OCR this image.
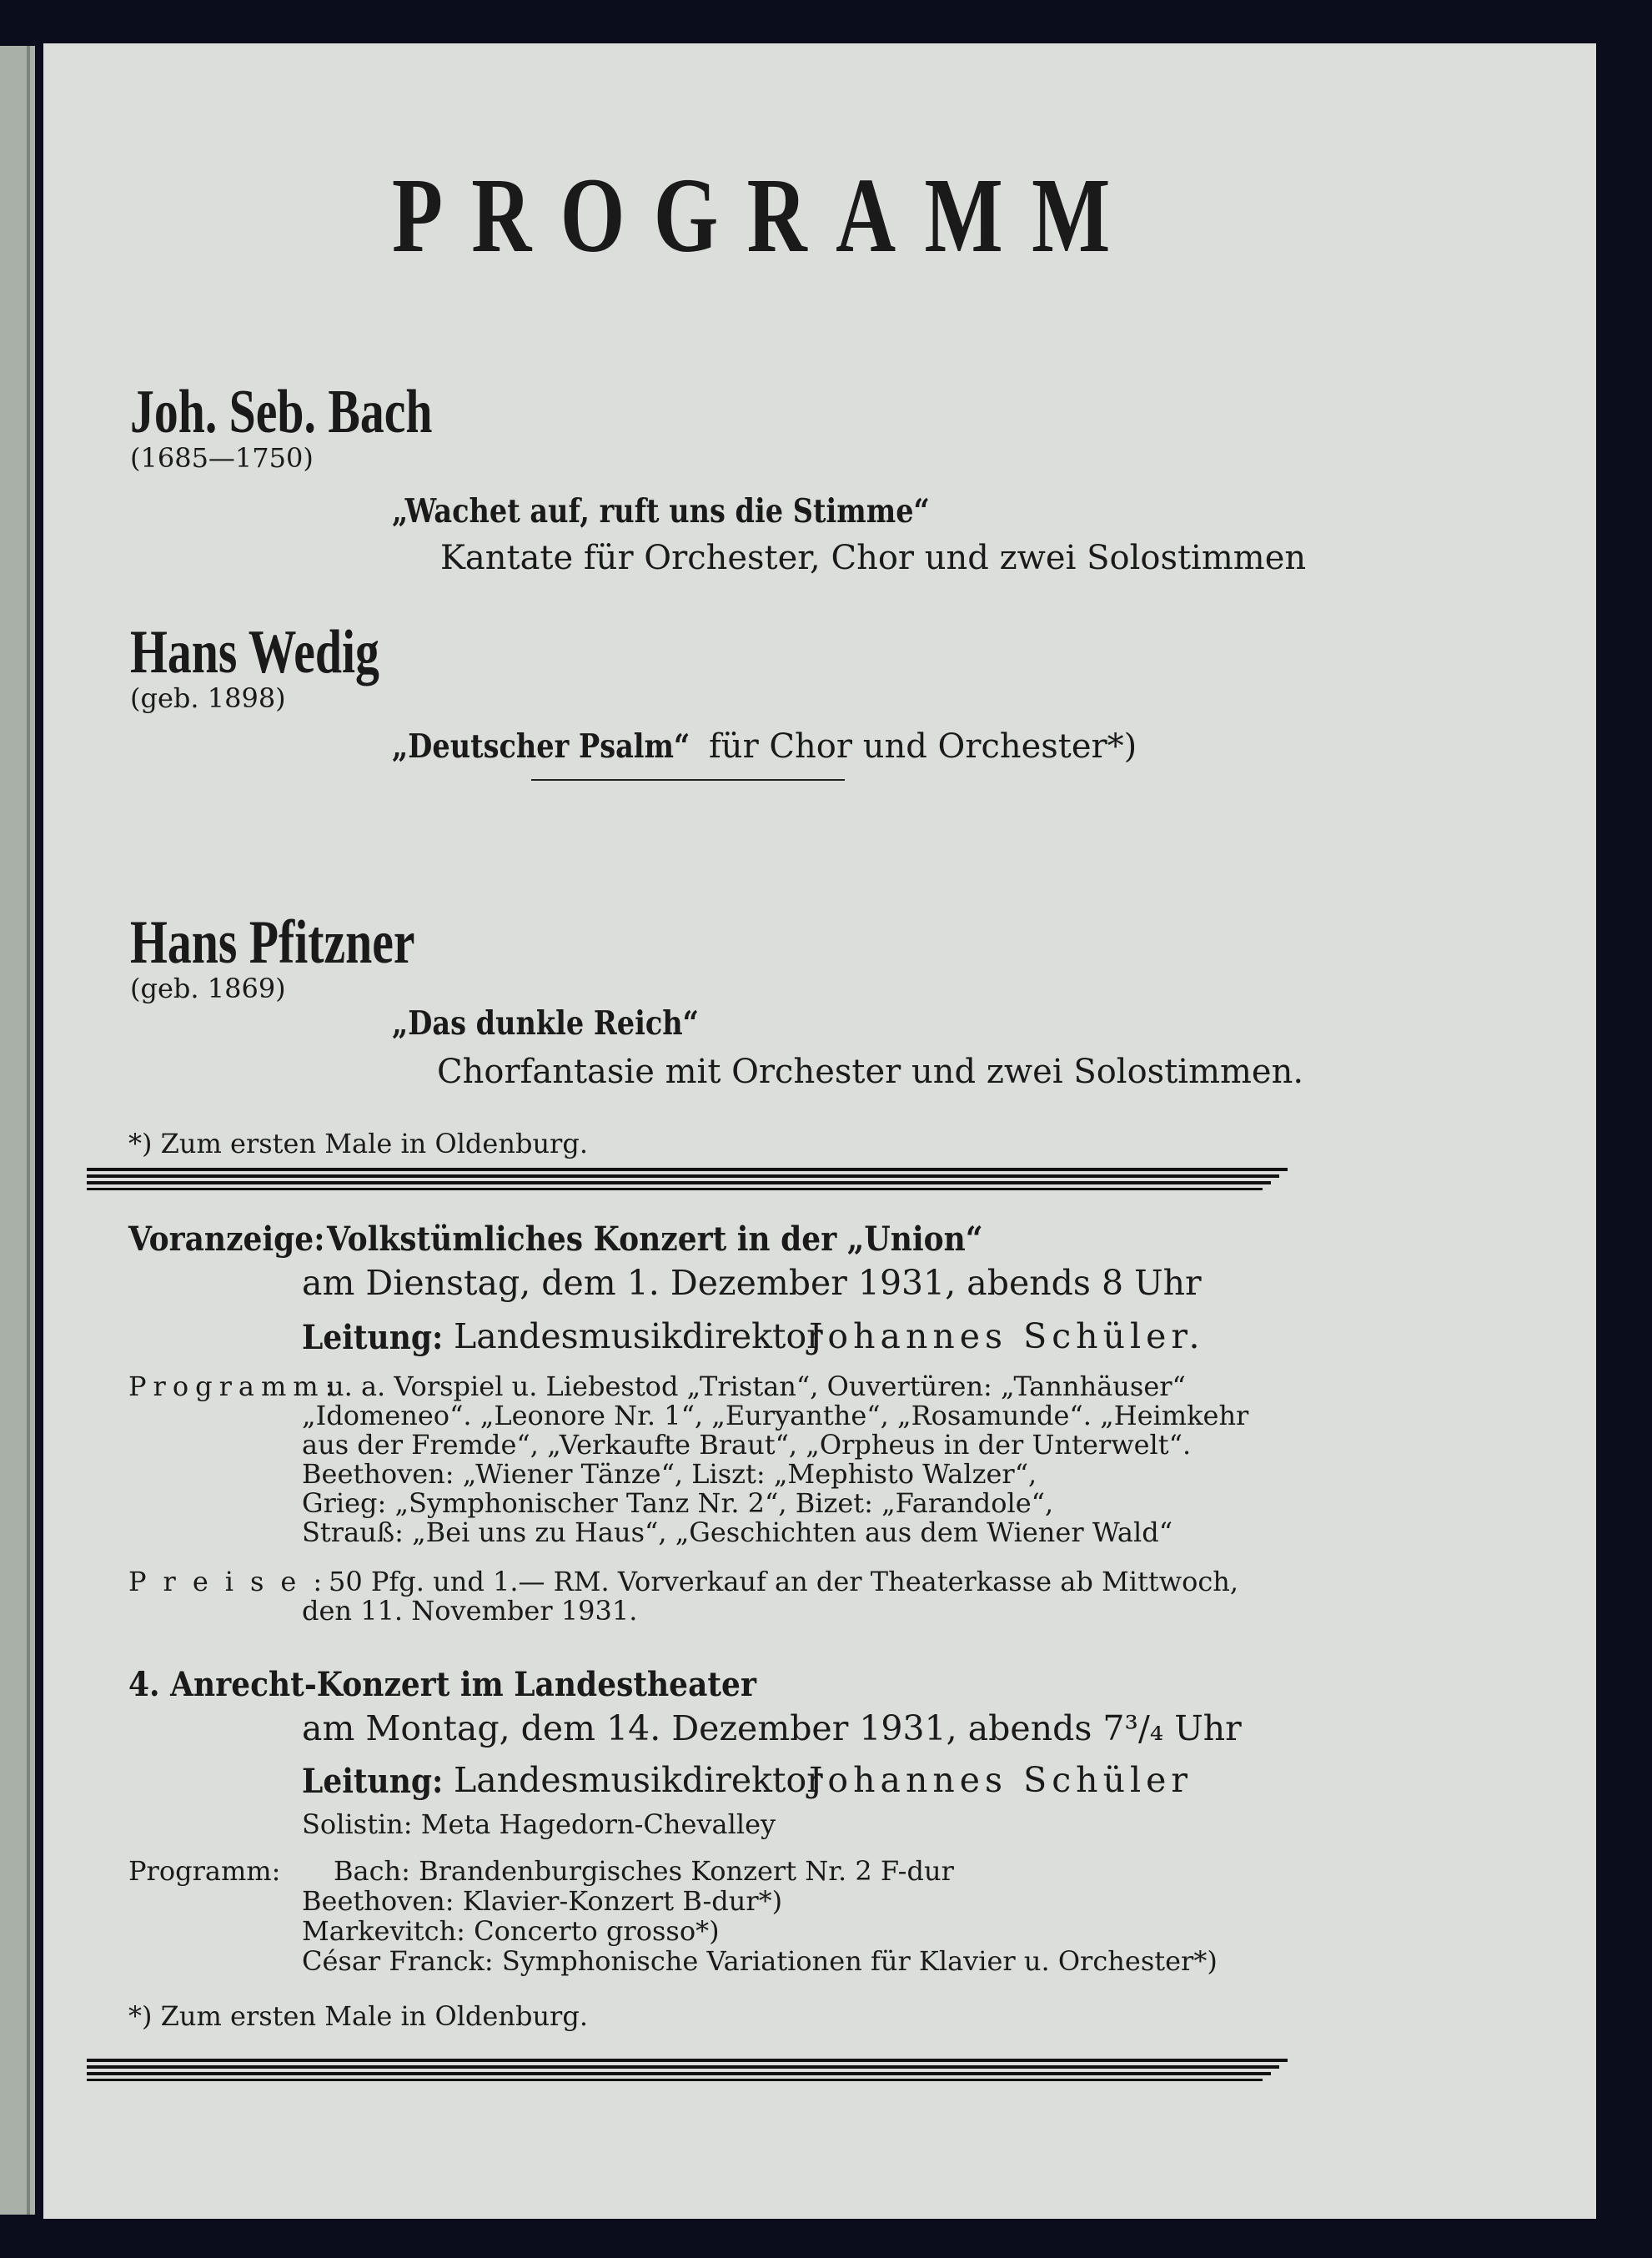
PROGRAMM
Joh. Seb. Bach
(1685—1750)
„Wachet auf, ruft uns die Stimme“
Kantate für Orchester, Chor und zwei Solostimmen
Hans Wedig
(geb. 1898)
„Deutscher Psalm“ für Chor und Orchester*)
Hans Pfitzner
(geb. 1869)
„Das dunkle Reich“
Chorfantasie mit Orchester und zwei Solostimmen.
*) Zum ersten Male in Oldenburg.
Voranzeige: Volkstümliches Konzert in der „Union“
am Dienstag, dem 1. Dezember 1931, abends 8 Uhr
Leitung: Landesmusikdirektor
Johannes Schüler.
Programm:
u. a. Vorspiel u. Liebestod „Tristan“, Ouvertüren: „Tannhäuser“
„Idomeneo“. „Leonore Nr. 1“, „Euryanthe“, „Rosamunde“. „Heimkehr
aus der Fremde“, „Verkaufte Braut“, „Orpheus in der Unterwelt“.
Beethoven: „Wiener Tänze“, Liszt: „Mephisto Walzer“,
Grieg: „Symphonischer Tanz Nr. 2“, Bizet: „Farandole“,
Strauß: „Bei uns zu Haus“, „Geschichten aus dem Wiener Wald“
Preise:
50 Pfg. und 1.— RM. Vorverkauf an der Theaterkasse ab Mittwoch,
den 11. November 1931.
4. Anrecht-Konzert im Landestheater
am Montag, dem 14. Dezember 1931, abends 7³/₄ Uhr
Leitung: Landesmusikdirektor
Johannes Schüler
Solistin: Meta Hagedorn-Chevalley
Programm: Bach: Brandenburgisches Konzert Nr. 2 F-dur
Beethoven: Klavier-Konzert B-dur*)
Markevitch: Concerto grosso*)
César Franck: Symphonische Variationen für Klavier u. Orchester*)
*) Zum ersten Male in Oldenburg.
